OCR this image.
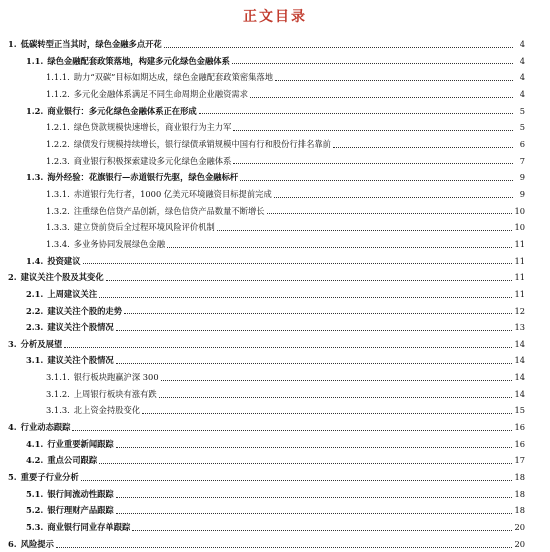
正文目录
1. 低碳转型正当其时，绿色金融多点开花	4
1.1. 绿色金融配套政策落地，构建多元化绿色金融体系	4
1.1.1. 助力“双碳”目标如期达成，绿色金融配套政策密集落地	4
1.1.2. 多元化金融体系满足不同生命周期企业融资需求	4
1.2. 商业银行：多元化绿色金融体系正在形成	5
1.2.1. 绿色贷款规模快速增长，商业银行为主力军	5
1.2.2. 绿债发行规模持续增长，银行绿债承销规模中国有行和股份行排名靠前	6
1.2.3. 商业银行积极探索建设多元化绿色金融体系	7
1.3. 海外经验：花旗银行—赤道银行先驱，绿色金融标杆	9
1.3.1. 赤道银行先行者，1000 亿美元环境融资目标提前完成	9
1.3.2. 注重绿色信贷产品创新，绿色信贷产品数量不断增长	10
1.3.3. 建立贷前贷后全过程环境风险评价机制	10
1.3.4. 多业务协同发展绿色金融	11
1.4. 投资建议	11
2. 建议关注个股及其变化	11
2.1. 上周建议关注	11
2.2. 建议关注个股的走势	12
2.3. 建议关注个股情况	13
3. 分析及展望	14
3.1. 建议关注个股情况	14
3.1.1. 银行板块跑赢沪深 300	14
3.1.2. 上周银行板块有涨有跌	14
3.1.3. 北上资金持股变化	15
4. 行业动态跟踪	16
4.1. 行业重要新闻跟踪	16
4.2. 重点公司跟踪	17
5. 重要子行业分析	18
5.1. 银行间流动性跟踪	18
5.2. 银行理财产品跟踪	18
5.3. 商业银行同业存单跟踪	20
6. 风险提示	20
